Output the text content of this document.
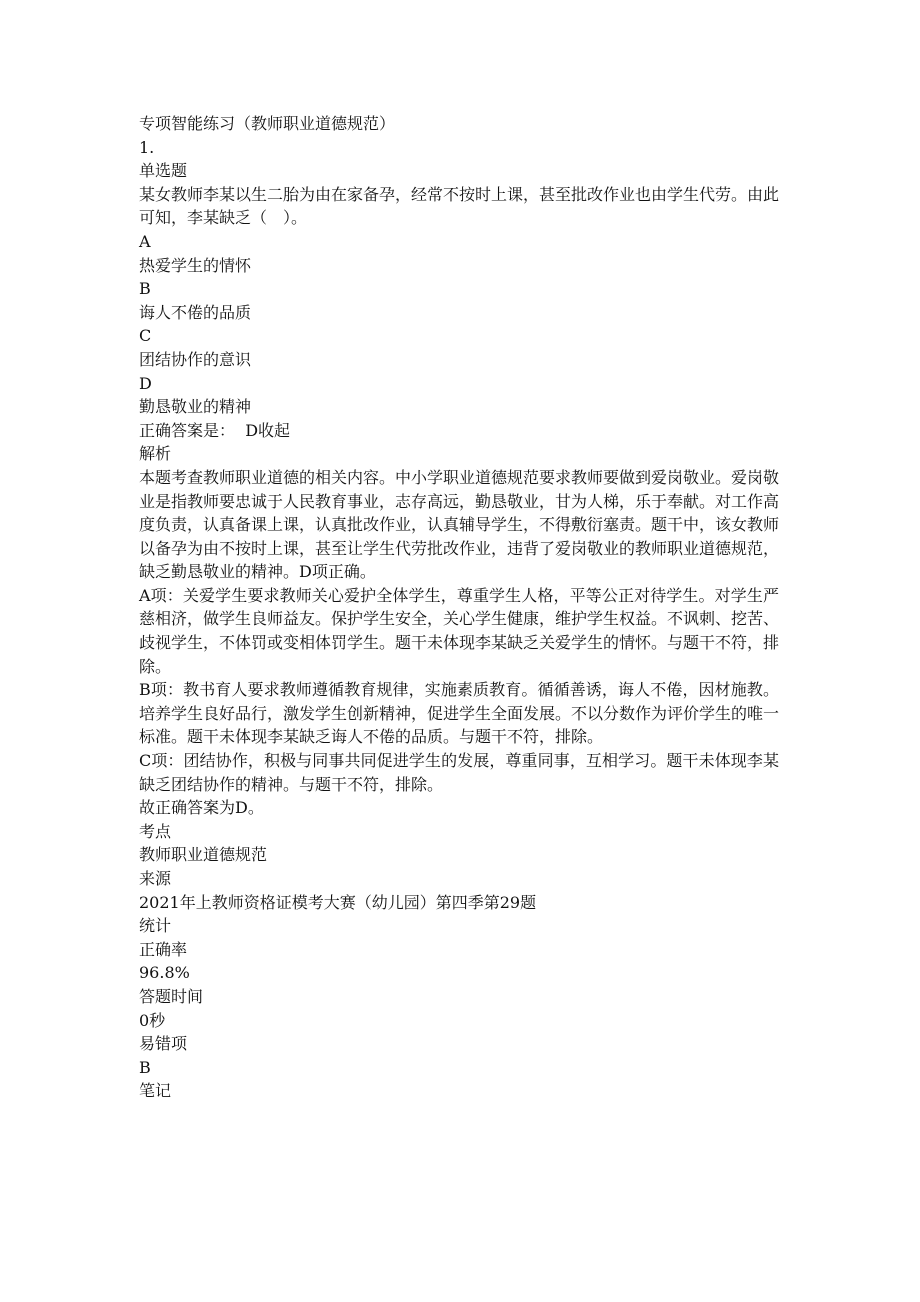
专项智能练习（教师职业道德规范）
1.
单选题
某女教师李某以生二胎为由在家备孕，经常不按时上课，甚至批改作业也由学生代劳。由此可知，李某缺乏（　）。
A
热爱学生的情怀
B
诲人不倦的品质
C
团结协作的意识
D
勤恳敬业的精神
正确答案是： D收起
解析
本题考查教师职业道德的相关内容。中小学职业道德规范要求教师要做到爱岗敬业。爱岗敬业是指教师要忠诚于人民教育事业，志存高远，勤恳敬业，甘为人梯，乐于奉献。对工作高度负责，认真备课上课，认真批改作业，认真辅导学生，不得敷衍塞责。题干中，该女教师以备孕为由不按时上课，甚至让学生代劳批改作业，违背了爱岗敬业的教师职业道德规范，缺乏勤恳敬业的精神。D项正确。
A项：关爱学生要求教师关心爱护全体学生，尊重学生人格，平等公正对待学生。对学生严慈相济，做学生良师益友。保护学生安全，关心学生健康，维护学生权益。不讽刺、挖苦、歧视学生，不体罚或变相体罚学生。题干未体现李某缺乏关爱学生的情怀。与题干不符，排除。
B项：教书育人要求教师遵循教育规律，实施素质教育。循循善诱，诲人不倦，因材施教。培养学生良好品行，激发学生创新精神，促进学生全面发展。不以分数作为评价学生的唯一标准。题干未体现李某缺乏诲人不倦的品质。与题干不符，排除。
C项：团结协作，积极与同事共同促进学生的发展，尊重同事，互相学习。题干未体现李某缺乏团结协作的精神。与题干不符，排除。
故正确答案为D。
考点
教师职业道德规范
来源
2021年上教师资格证模考大赛（幼儿园）第四季第29题
统计
正确率
96.8%
答题时间
0秒
易错项
B
笔记
